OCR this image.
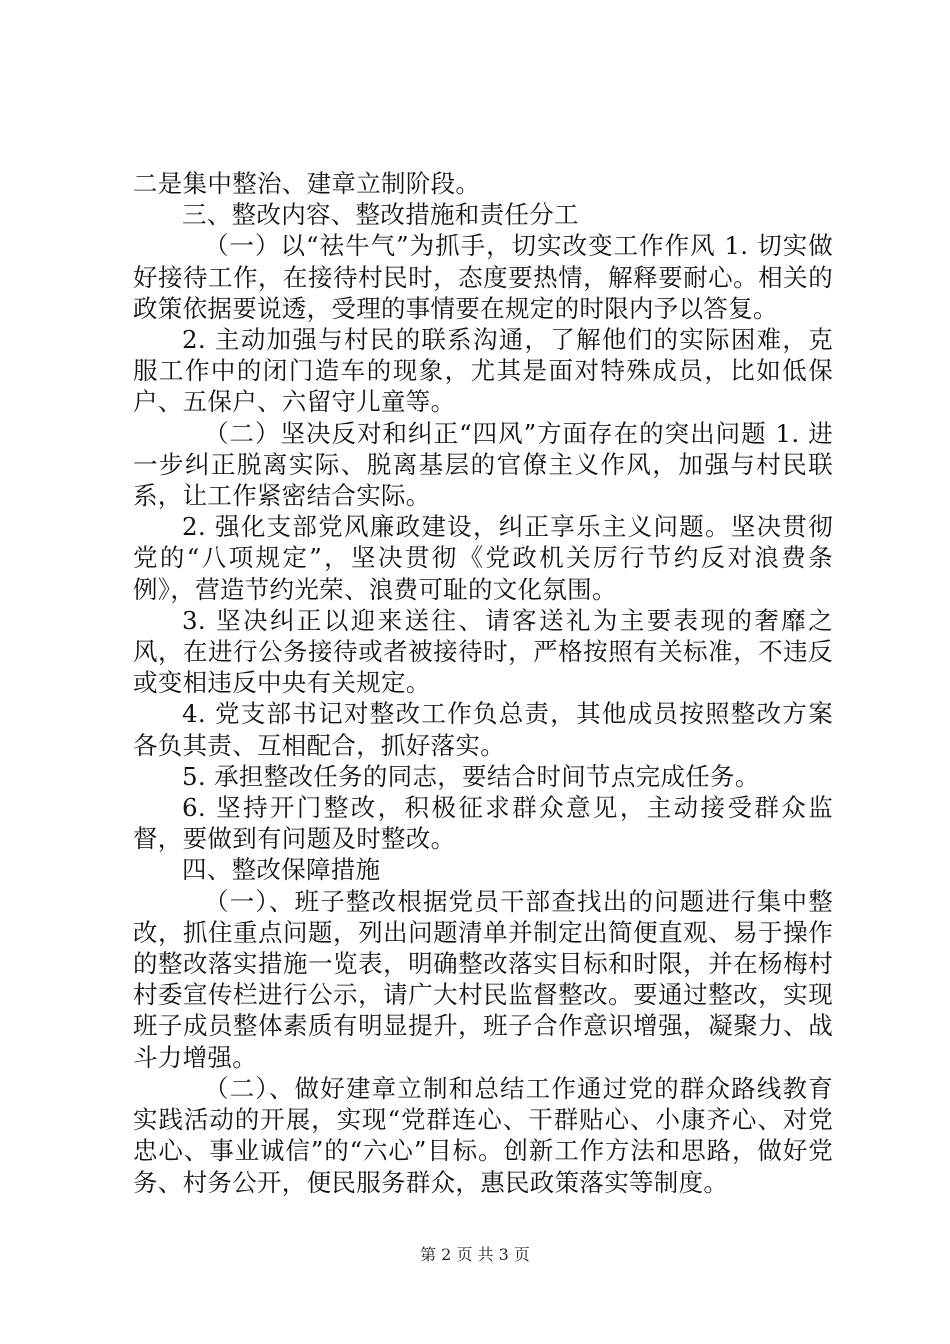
二是集中整治、建章立制阶段。

三、整改内容、整改措施和责任分工

（一）以“祛牛气”为抓手，切实改变工作作风 1. 切实做好接待工作，在接待村民时，态度要热情，解释要耐心。相关的政策依据要说透，受理的事情要在规定的时限内予以答复。

2. 主动加强与村民的联系沟通，了解他们的实际困难，克服工作中的闭门造车的现象，尤其是面对特殊成员，比如低保户、五保户、六留守儿童等。

（二）坚决反对和纠正“四风”方面存在的突出问题 1. 进一步纠正脱离实际、脱离基层的官僚主义作风，加强与村民联系，让工作紧密结合实际。

2. 强化支部党风廉政建设，纠正享乐主义问题。坚决贯彻党的“八项规定”，坚决贯彻《党政机关厉行节约反对浪费条例》，营造节约光荣、浪费可耻的文化氛围。

3. 坚决纠正以迎来送往、请客送礼为主要表现的奢靡之风，在进行公务接待或者被接待时，严格按照有关标准，不违反或变相违反中央有关规定。

4. 党支部书记对整改工作负总责，其他成员按照整改方案各负其责、互相配合，抓好落实。

5. 承担整改任务的同志，要结合时间节点完成任务。

6. 坚持开门整改，积极征求群众意见，主动接受群众监督，要做到有问题及时整改。

四、整改保障措施

（一）、班子整改根据党员干部查找出的问题进行集中整改，抓住重点问题，列出问题清单并制定出简便直观、易于操作的整改落实措施一览表，明确整改落实目标和时限，并在杨梅村村委宣传栏进行公示，请广大村民监督整改。要通过整改，实现班子成员整体素质有明显提升，班子合作意识增强，凝聚力、战斗力增强。

（二）、做好建章立制和总结工作通过党的群众路线教育实践活动的开展，实现“党群连心、干群贴心、小康齐心、对党忠心、事业诚信”的“六心”目标。创新工作方法和思路，做好党务、村务公开，便民服务群众，惠民政策落实等制度。

第 2 页 共 3 页
